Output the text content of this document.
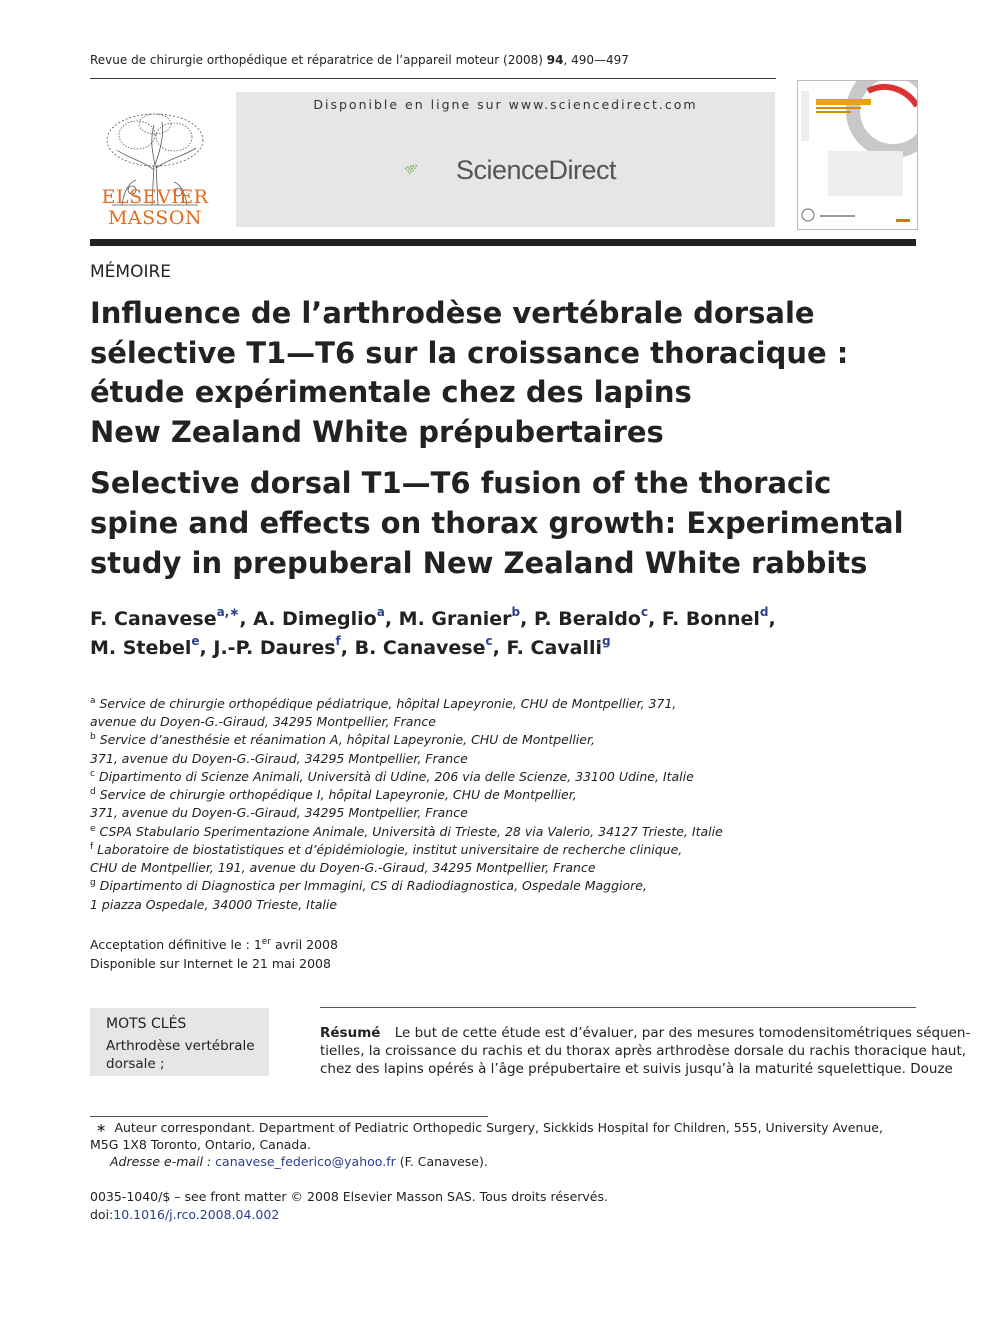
Revue de chirurgie orthopédique et réparatrice de l’appareil moteur (2008) 94, 490—497
ELSEVIER
MASSON
Disponible en ligne sur www.sciencedirect.com
ScienceDirect
MÉMOIRE
Influence de l’arthrodèse vertébrale dorsale
sélective T1—T6 sur la croissance thoracique :
étude expérimentale chez des lapins
New Zealand White prépubertaires
Selective dorsal T1—T6 fusion of the thoracic
spine and effects on thorax growth: Experimental
study in prepuberal New Zealand White rabbits
F. Canavese$^{a,∗}$, A. Dimeglio$^a$, M. Granier$^b$, P. Beraldo$^c$, F. Bonnel$^d$,
M. Stebel$^e$, J.-P. Daures$^f$, B. Canavese$^c$, F. Cavalli$^g$
$^a$ Service de chirurgie orthopédique pédiatrique, hôpital Lapeyronie, CHU de Montpellier, 371,
avenue du Doyen-G.-Giraud, 34295 Montpellier, France
$^b$ Service d’anesthésie et réanimation A, hôpital Lapeyronie, CHU de Montpellier,
371, avenue du Doyen-G.-Giraud, 34295 Montpellier, France
$^c$ Dipartimento di Scienze Animali, Università di Udine, 206 via delle Scienze, 33100 Udine, Italie
$^d$ Service de chirurgie orthopédique I, hôpital Lapeyronie, CHU de Montpellier,
371, avenue du Doyen-G.-Giraud, 34295 Montpellier, France
$^e$ CSPA Stabulario Sperimentazione Animale, Università di Trieste, 28 via Valerio, 34127 Trieste, Italie
$^f$ Laboratoire de biostatistiques et d’épidémiologie, institut universitaire de recherche clinique,
CHU de Montpellier, 191, avenue du Doyen-G.-Giraud, 34295 Montpellier, France
$^g$ Dipartimento di Diagnostica per Immagini, CS di Radiodiagnostica, Ospedale Maggiore,
1 piazza Ospedale, 34000 Trieste, Italie
Acceptation définitive le : 1er avril 2008
Disponible sur Internet le 21 mai 2008
MOTS CLÉS
Arthrodèse vertébrale
dorsale ;
Résumé Le but de cette étude est d’évaluer, par des mesures tomodensitométriques séquen-
tielles, la croissance du rachis et du thorax après arthrodèse dorsale du rachis thoracique haut,
chez des lapins opérés à l’âge prépubertaire et suivis jusqu’à la maturité squelettique. Douze
∗ Auteur correspondant. Department of Pediatric Orthopedic Surgery, Sickkids Hospital for Children, 555, University Avenue,
M5G 1X8 Toronto, Ontario, Canada.
Adresse e-mail : canavese_federico@yahoo.fr (F. Canavese).
0035-1040/$ – see front matter © 2008 Elsevier Masson SAS. Tous droits réservés.
doi:10.1016/j.rco.2008.04.002
